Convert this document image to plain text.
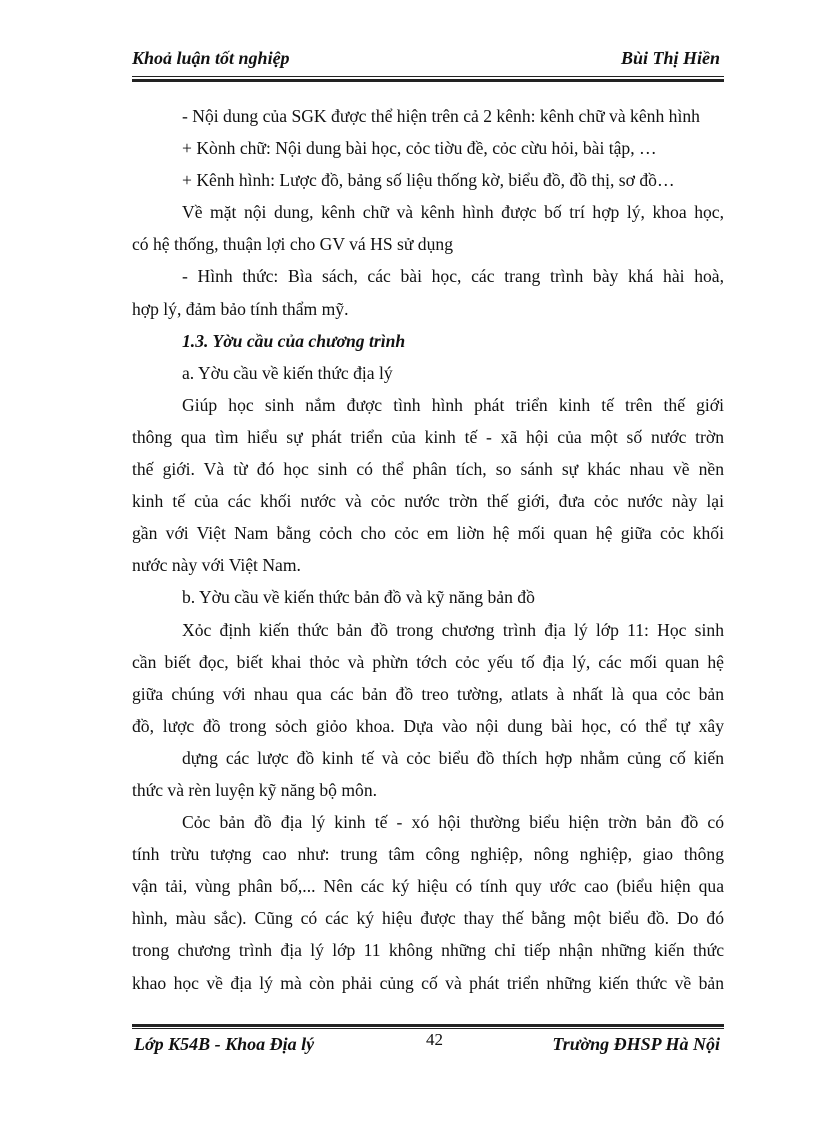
Khoả luận tốt nghiệp	Bùi Thị Hiền
- Nội dung của SGK được thể hiện trên cả 2 kênh: kênh chữ và kênh hình
+ Kònh chữ: Nội dung bài học, cỏc tiờu đề, cỏc cừu hỏi, bài tập, …
+ Kênh hình: Lược đồ, bảng số liệu thống kờ, biểu đồ, đồ thị, sơ đồ…
Về mặt nội dung, kênh chữ và kênh hình được bố trí hợp lý, khoa học,
có hệ thống, thuận lợi cho GV vá HS sử dụng
- Hình thức: Bìa sách, các bài học, các trang trình bày khá hài hoà,
hợp lý, đảm bảo tính thẩm mỹ.
1.3. Yờu cầu của chương trình
a. Yờu cầu về kiến thức địa lý
Giúp học sinh nắm được tình hình phát triển kinh tế trên thế giới
thông qua tìm hiểu sự phát triển của kinh tế - xã hội của một số nước trờn
thế giới. Và từ đó học sinh có thể phân tích, so sánh sự khác nhau về nền
kinh tế của các khối nước và cỏc nước trờn thế giới, đưa cỏc nước này lại
gần với Việt Nam bằng cỏch cho cỏc em liờn hệ mối quan hệ giữa cỏc khối
nước này với Việt Nam.
b. Yờu cầu về kiến thức bản đồ và kỹ năng bản đồ
Xỏc định kiến thức bản đồ trong chương trình địa lý lớp 11: Học sinh
cần biết đọc, biết khai thỏc và phừn tớch cỏc yếu tố địa lý, các mối quan hệ
giữa chúng với nhau qua các bản đồ treo tường, atlats à nhất là qua cỏc bản
đồ, lược đồ trong sỏch giỏo khoa. Dựa vào nội dung bài học, có thể tự xây
dựng các lược đồ kinh tế và cỏc biểu đồ thích hợp nhằm củng cố kiến
thức và rèn luyện kỹ năng bộ môn.
Cỏc bản đồ địa lý kinh tế - xó hội thường biểu hiện trờn bản đồ có
tính trừu tượng cao như: trung tâm công nghiệp, nông nghiệp, giao thông
vận tải, vùng phân bố,... Nên các ký hiệu có tính quy ước cao (biểu hiện qua
hình, màu sắc). Cũng có các ký hiệu được thay thế bằng một biểu đồ. Do đó
trong chương trình địa lý lớp 11 không những chỉ tiếp nhận những kiến thức
khao học về địa lý mà còn phải củng cố và phát triển những kiến thức về bản
Lớp K54B - Khoa Địa lý	42	Trường ĐHSP Hà Nội
